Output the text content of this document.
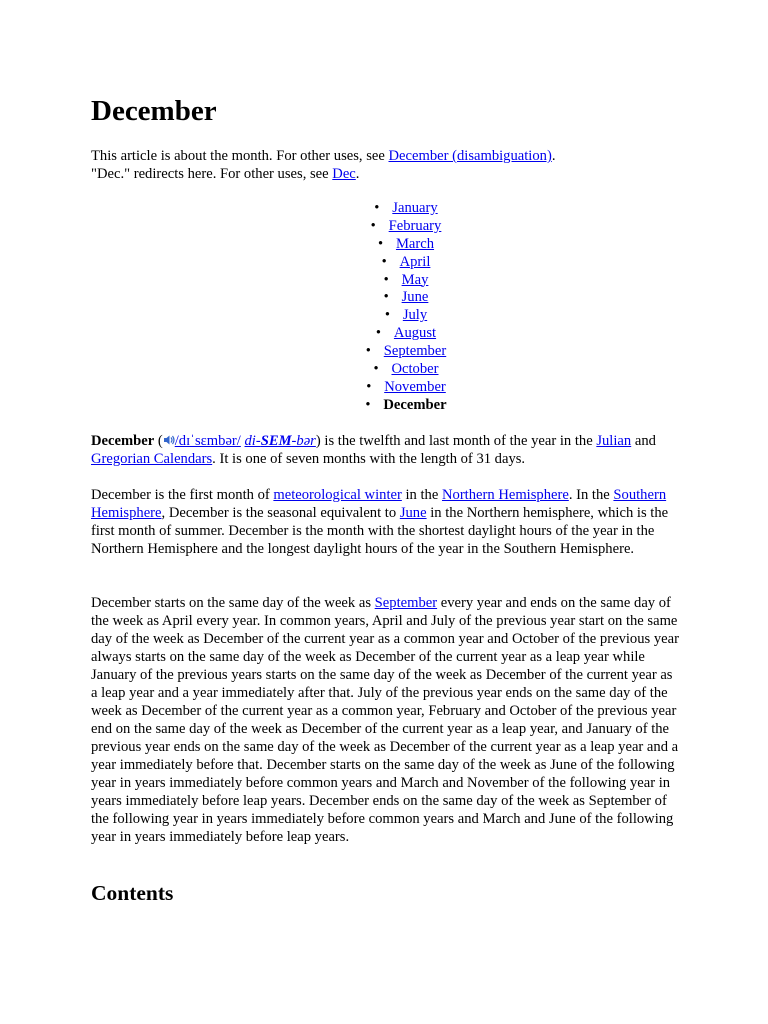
December

This article is about the month. For other uses, see December (disambiguation).
"Dec." redirects here. For other uses, see Dec.

• January
• February
• March
• April
• May
• June
• July
• August
• September
• October
• November
• December

December ( /dɪˈsɛmbər/ di-SEM-bər) is the twelfth and last month of the year in the Julian and Gregorian Calendars. It is one of seven months with the length of 31 days.

December is the first month of meteorological winter in the Northern Hemisphere. In the Southern Hemisphere, December is the seasonal equivalent to June in the Northern hemisphere, which is the first month of summer. December is the month with the shortest daylight hours of the year in the Northern Hemisphere and the longest daylight hours of the year in the Southern Hemisphere.

December starts on the same day of the week as September every year and ends on the same day of the week as April every year. In common years, April and July of the previous year start on the same day of the week as December of the current year as a common year and October of the previous year always starts on the same day of the week as December of the current year as a leap year while January of the previous years starts on the same day of the week as December of the current year as a leap year and a year immediately after that. July of the previous year ends on the same day of the week as December of the current year as a common year, February and October of the previous year end on the same day of the week as December of the current year as a leap year, and January of the previous year ends on the same day of the week as December of the current year as a leap year and a year immediately before that. December starts on the same day of the week as June of the following year in years immediately before common years and March and November of the following year in years immediately before leap years. December ends on the same day of the week as September of the following year in years immediately before common years and March and June of the following year in years immediately before leap years.

Contents
